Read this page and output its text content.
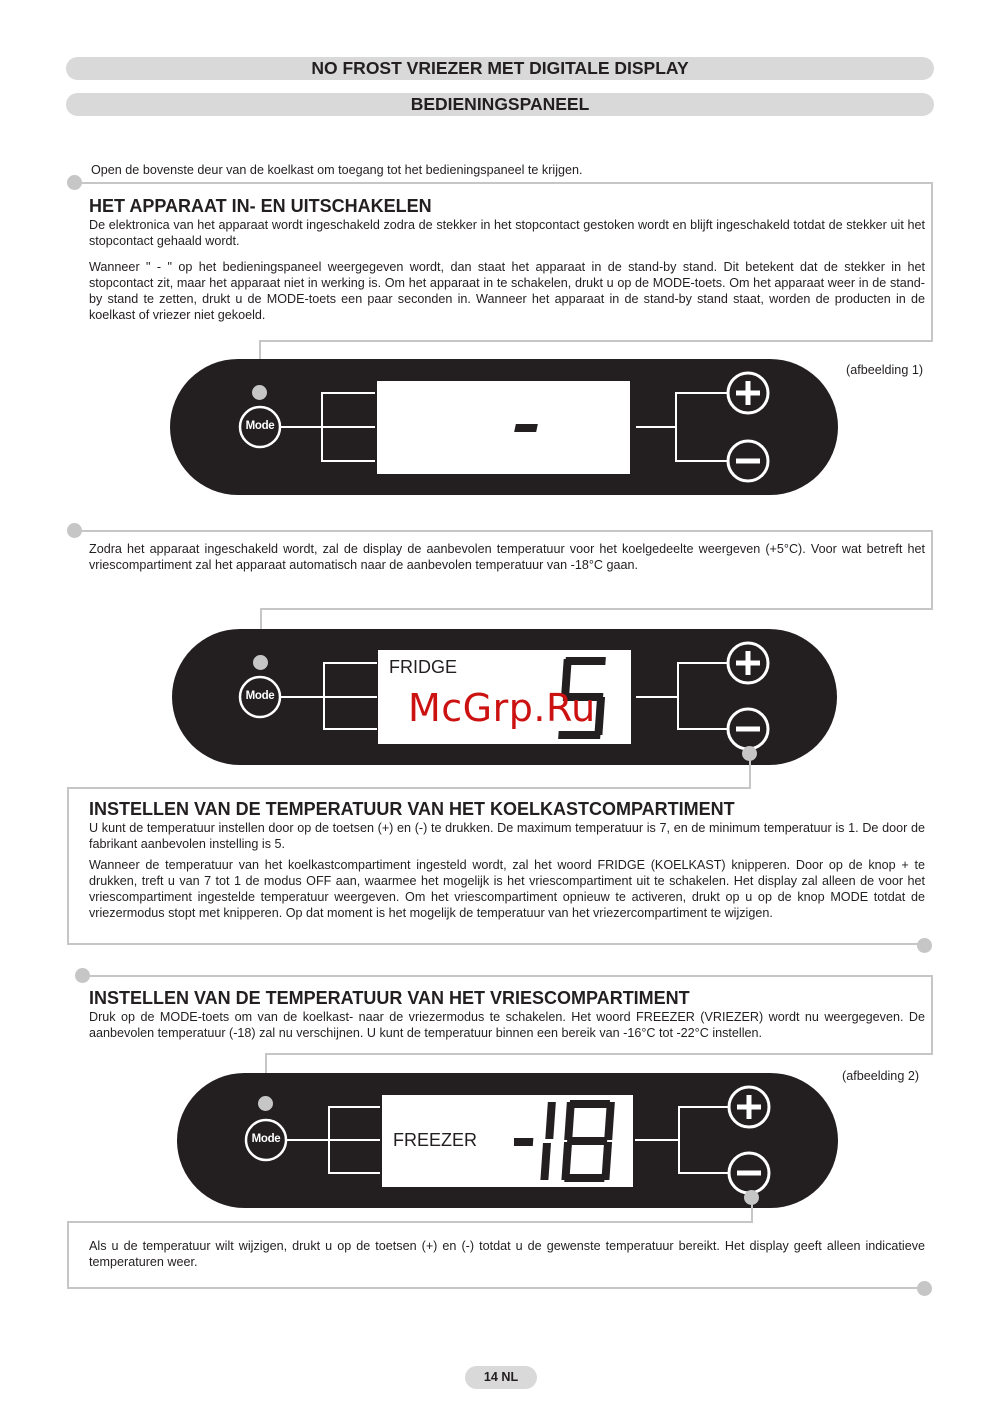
NO FROST VRIEZER MET DIGITALE DISPLAY
BEDIENINGSPANEEL
Open de bovenste deur van de koelkast om toegang tot het bedieningspaneel te krijgen.
HET APPARAAT IN- EN UITSCHAKELEN
De elektronica van het apparaat wordt ingeschakeld zodra de stekker in het stopcontact gestoken wordt en blijft ingeschakeld totdat de stekker uit het stopcontact gehaald wordt.
Wanneer " - " op het bedieningspaneel weergegeven wordt, dan staat het apparaat in de stand-by stand. Dit betekent dat de stekker in het stopcontact zit, maar het apparaat niet in werking is. Om het apparaat in te schakelen, drukt u op de MODE-toets. Om het apparaat weer in de stand-by stand te zetten, drukt u de MODE-toets een paar seconden in. Wanneer het apparaat in de stand-by stand staat, worden de producten in de koelkast of vriezer niet gekoeld.
(afbeelding 1)
Mode
Zodra het apparaat ingeschakeld wordt, zal de display de aanbevolen temperatuur voor het koelgedeelte weergeven (+5°C). Voor wat betreft het vriescompartiment zal het apparaat automatisch naar de aanbevolen temperatuur van -18°C gaan.
Mode
FRIDGE
McGrp.Ru
INSTELLEN VAN DE TEMPERATUUR VAN HET KOELKASTCOMPARTIMENT
U kunt de temperatuur instellen door op de toetsen (+) en (-) te drukken. De maximum temperatuur is 7, en de minimum temperatuur is 1. De door de fabrikant aanbevolen instelling is 5.
Wanneer de temperatuur van het koelkastcompartiment ingesteld wordt, zal het woord FRIDGE (KOELKAST) knipperen. Door op de knop + te drukken, treft u van 7 tot 1 de modus OFF aan, waarmee het mogelijk is het vriescompartiment uit te schakelen. Het display zal alleen de voor het vriescompartiment ingestelde temperatuur weergeven. Om het vriescompartiment opnieuw te activeren, drukt op u op de knop MODE totdat de vriezermodus stopt met knipperen. Op dat moment is het mogelijk de temperatuur van het vriezercompartiment te wijzigen.
INSTELLEN VAN DE TEMPERATUUR VAN HET VRIESCOMPARTIMENT
Druk op de MODE-toets om van de koelkast- naar de vriezermodus te schakelen. Het woord FREEZER (VRIEZER) wordt nu weergegeven. De aanbevolen temperatuur (-18) zal nu verschijnen. U kunt de temperatuur binnen een bereik van -16°C tot -22°C instellen.
(afbeelding 2)
Mode	FREEZER
Als u de temperatuur wilt wijzigen, drukt u op de toetsen (+) en (-) totdat u de gewenste temperatuur bereikt. Het display geeft alleen indicatieve temperaturen weer.
14 NL
